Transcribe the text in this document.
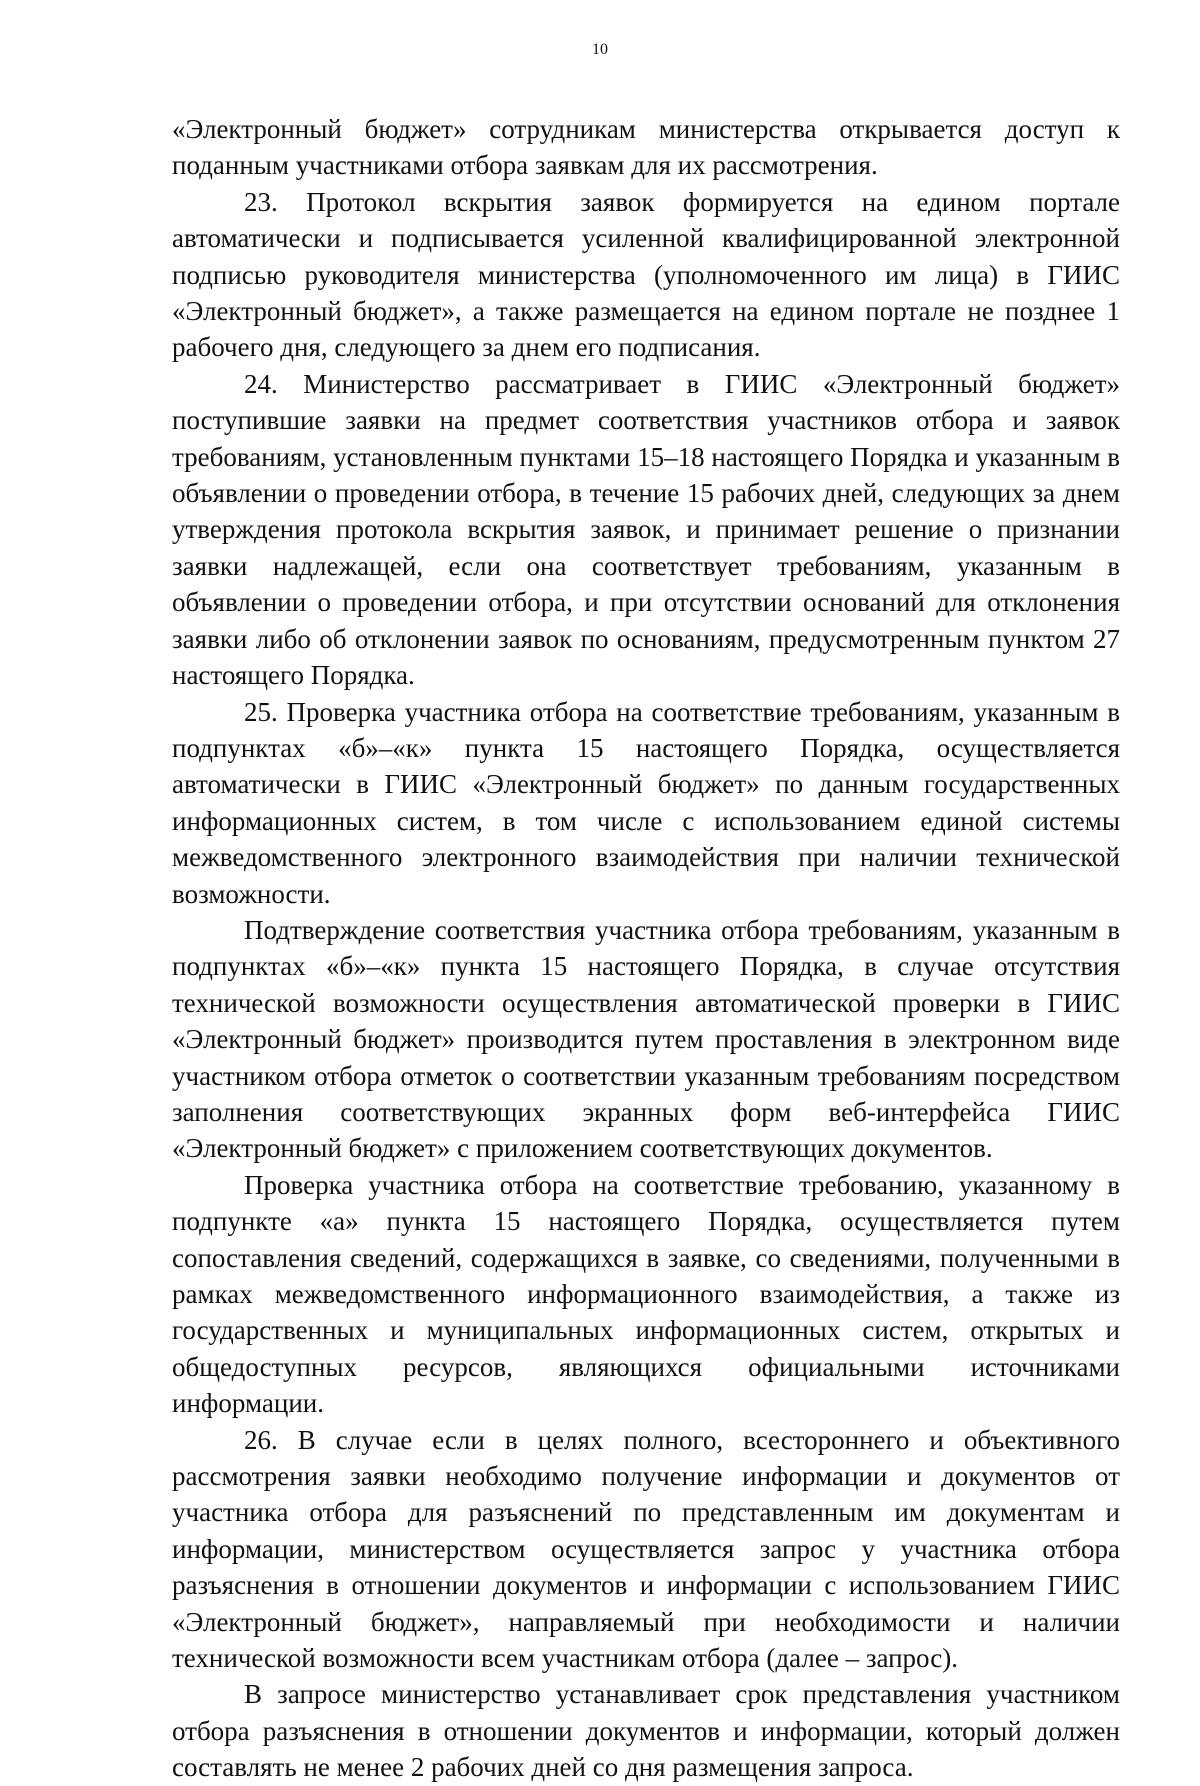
10

«Электронный бюджет» сотрудникам министерства открывается доступ к поданным участниками отбора заявкам для их рассмотрения.

23. Протокол вскрытия заявок формируется на едином портале автоматически и подписывается усиленной квалифицированной электронной подписью руководителя министерства (уполномоченного им лица) в ГИИС «Электронный бюджет», а также размещается на едином портале не позднее 1 рабочего дня, следующего за днем его подписания.

24. Министерство рассматривает в ГИИС «Электронный бюджет» поступившие заявки на предмет соответствия участников отбора и заявок требованиям, установленным пунктами 15–18 настоящего Порядка и указанным в объявлении о проведении отбора, в течение 15 рабочих дней, следующих за днем утверждения протокола вскрытия заявок, и принимает решение о признании заявки надлежащей, если она соответствует требованиям, указанным в объявлении о проведении отбора, и при отсутствии оснований для отклонения заявки либо об отклонении заявок по основаниям, предусмотренным пунктом 27 настоящего Порядка.

25. Проверка участника отбора на соответствие требованиям, указанным в подпунктах «б»–«к» пункта 15 настоящего Порядка, осуществляется автоматически в ГИИС «Электронный бюджет» по данным государственных информационных систем, в том числе с использованием единой системы межведомственного электронного взаимодействия при наличии технической возможности.

Подтверждение соответствия участника отбора требованиям, указанным в подпунктах «б»–«к» пункта 15 настоящего Порядка, в случае отсутствия технической возможности осуществления автоматической проверки в ГИИС «Электронный бюджет» производится путем проставления в электронном виде участником отбора отметок о соответствии указанным требованиям посредством заполнения соответствующих экранных форм веб-интерфейса ГИИС «Электронный бюджет» с приложением соответствующих документов.

Проверка участника отбора на соответствие требованию, указанному в подпункте «а» пункта 15 настоящего Порядка, осуществляется путем сопоставления сведений, содержащихся в заявке, со сведениями, полученными в рамках межведомственного информационного взаимодействия, а также из государственных и муниципальных информационных систем, открытых и общедоступных ресурсов, являющихся официальными источниками информации.

26. В случае если в целях полного, всестороннего и объективного рассмотрения заявки необходимо получение информации и документов от участника отбора для разъяснений по представленным им документам и информации, министерством осуществляется запрос у участника отбора разъяснения в отношении документов и информации с использованием ГИИС «Электронный бюджет», направляемый при необходимости и наличии технической возможности всем участникам отбора (далее – запрос).

В запросе министерство устанавливает срок представления участником отбора разъяснения в отношении документов и информации, который должен составлять не менее 2 рабочих дней со дня размещения запроса.
